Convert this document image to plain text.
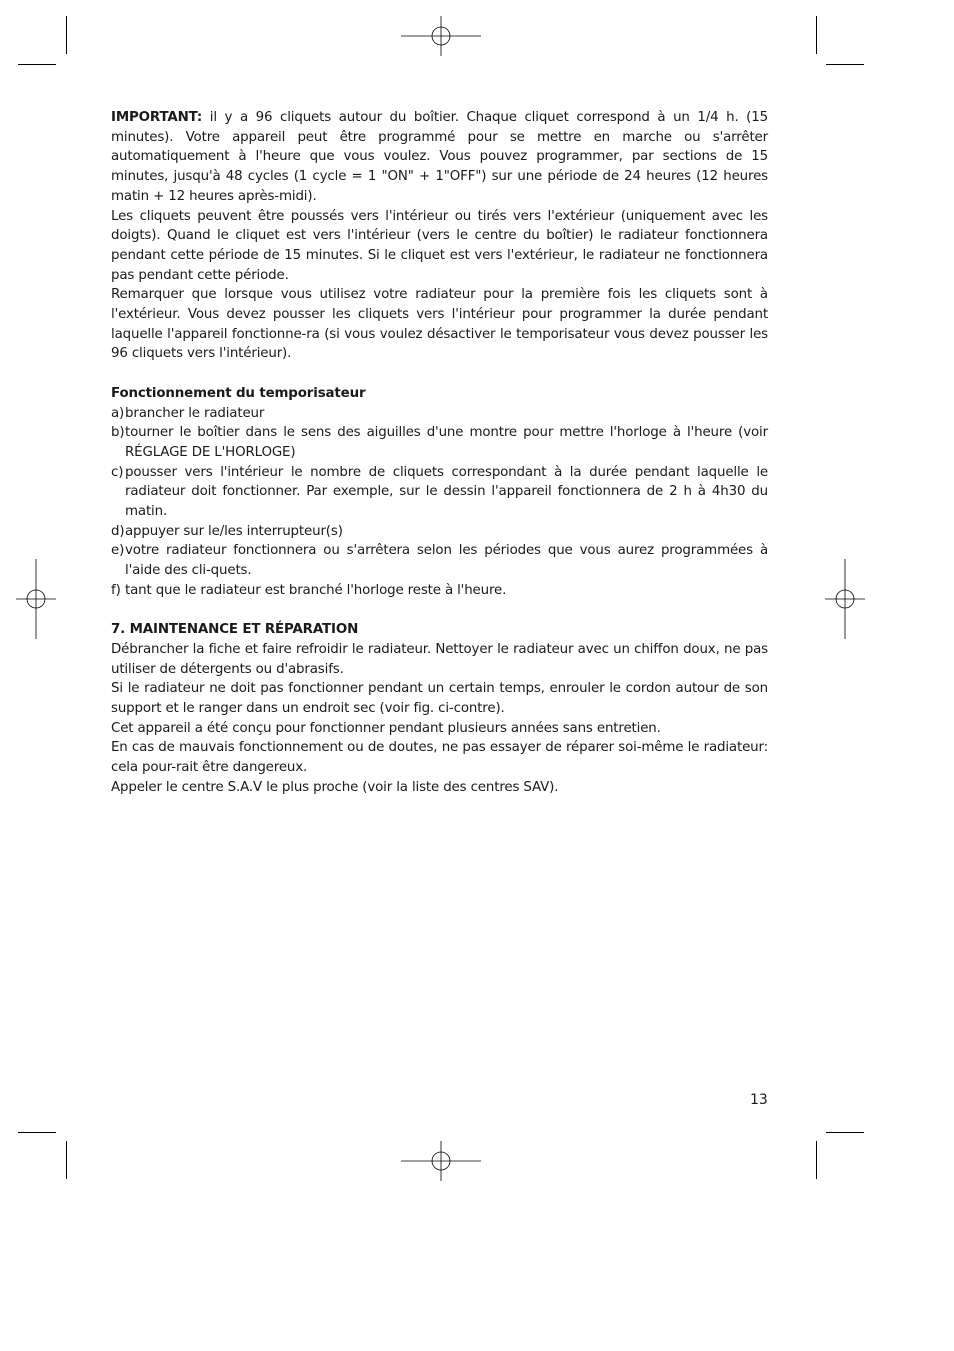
IMPORTANT: il y a 96 cliquets autour du boîtier. Chaque cliquet correspond à un 1/4 h. (15 minutes). Votre appareil peut être programmé pour se mettre en marche ou s'arrêter automatiquement à l'heure que vous voulez. Vous pouvez programmer, par sections de 15 minutes, jusqu'à 48 cycles (1 cycle = 1 "ON" + 1"OFF") sur une période de 24 heures (12 heures matin + 12 heures après-midi).

Les cliquets peuvent être poussés vers l'intérieur ou tirés vers l'extérieur (uniquement avec les doigts). Quand le cliquet est vers l'intérieur (vers le centre du boîtier) le radiateur fonctionnera pendant cette période de 15 minutes. Si le cliquet est vers l'extérieur, le radiateur ne fonctionnera pas pendant cette période.

Remarquer que lorsque vous utilisez votre radiateur pour la première fois les cliquets sont à l'extérieur. Vous devez pousser les cliquets vers l'intérieur pour programmer la durée pendant laquelle l'appareil fonctionne-ra (si vous voulez désactiver le temporisateur vous devez pousser les 96 cliquets vers l'intérieur).

Fonctionnement du temporisateur

a) brancher le radiateur
b) tourner le boîtier dans le sens des aiguilles d'une montre pour mettre l'horloge à l'heure (voir RÉGLAGE DE L'HORLOGE)
c) pousser vers l'intérieur le nombre de cliquets correspondant à la durée pendant laquelle le radiateur doit fonctionner. Par exemple, sur le dessin l'appareil fonctionnera de 2 h à 4h30 du matin.
d) appuyer sur le/les interrupteur(s)
e) votre radiateur fonctionnera ou s'arrêtera selon les périodes que vous aurez programmées à l'aide des cli-quets.
f) tant que le radiateur est branché l'horloge reste à l'heure.

7. MAINTENANCE ET RÉPARATION

Débrancher la fiche et faire refroidir le radiateur. Nettoyer le radiateur avec un chiffon doux, ne pas utiliser de détergents ou d'abrasifs.

Si le radiateur ne doit pas fonctionner pendant un certain temps, enrouler le cordon autour de son support et le ranger dans un endroit sec (voir fig. ci-contre).

Cet appareil a été conçu pour fonctionner pendant plusieurs années sans entretien.

En cas de mauvais fonctionnement ou de doutes, ne pas essayer de réparer soi-même le radiateur: cela pour-rait être dangereux.

Appeler le centre S.A.V le plus proche (voir la liste des centres SAV).

13
